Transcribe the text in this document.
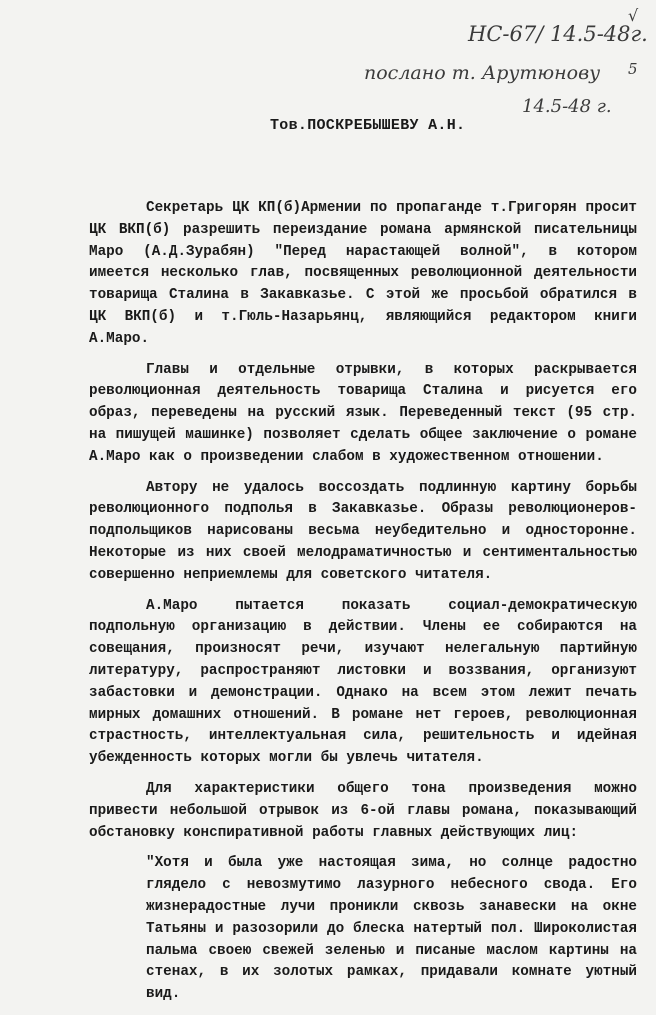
НС-67/ 14.5-48г.
послано т. Арутюнову
14.5-48 г.
√
5
Тов.ПОСКРЕБЫШЕВУ А.Н.

Секретарь ЦК КП(б)Армении по пропаганде т.Григорян просит ЦК ВКП(б) разрешить переиздание романа армянской писательницы Маро (А.Д.Зурабян) "Перед нарастающей волной", в котором имеется несколько глав, посвященных революционной деятельности товарища Сталина в Закавказье. С этой же просьбой обратился в ЦК ВКП(б) и т.Гюль-Назарьянц, являющийся редактором книги А.Маро.

Главы и отдельные отрывки, в которых раскрывается революционная деятельность товарища Сталина и рисуется его образ, переведены на русский язык. Переведенный текст (95 стр. на пишущей машинке) позволяет сделать общее заключение о романе А.Маро как о произведении слабом в художественном отношении.

Автору не удалось воссоздать подлинную картину борьбы революционного подполья в Закавказье. Образы революционеров-подпольщиков нарисованы весьма неубедительно и односторонне. Некоторые из них своей мелодраматичностью и сентиментальностью совершенно неприемлемы для советского читателя.

А.Маро пытается показать социал-демократическую подпольную организацию в действии. Члены ее собираются на совещания, произносят речи, изучают нелегальную партийную литературу, распространяют листовки и воззвания, организуют забастовки и демонстрации. Однако на всем этом лежит печать мирных домашних отношений. В романе нет героев, революционная страстность, интеллектуальная сила, решительность и идейная убежденность которых могли бы увлечь читателя.

Для характеристики общего тона произведения можно привести небольшой отрывок из 6-ой главы романа, показывающий обстановку конспиративной работы главных действующих лиц:

"Хотя и была уже настоящая зима, но солнце радостно глядело с невозмутимо лазурного небесного свода. Его жизнерадостные лучи проникли сквозь занавески на окне Татьяны и разозорили до блеска натертый пол. Широколистая пальма своею свежей зеленью и писаные маслом картины на стенах, в их золотых рамках, придавали комнате уютный вид.
